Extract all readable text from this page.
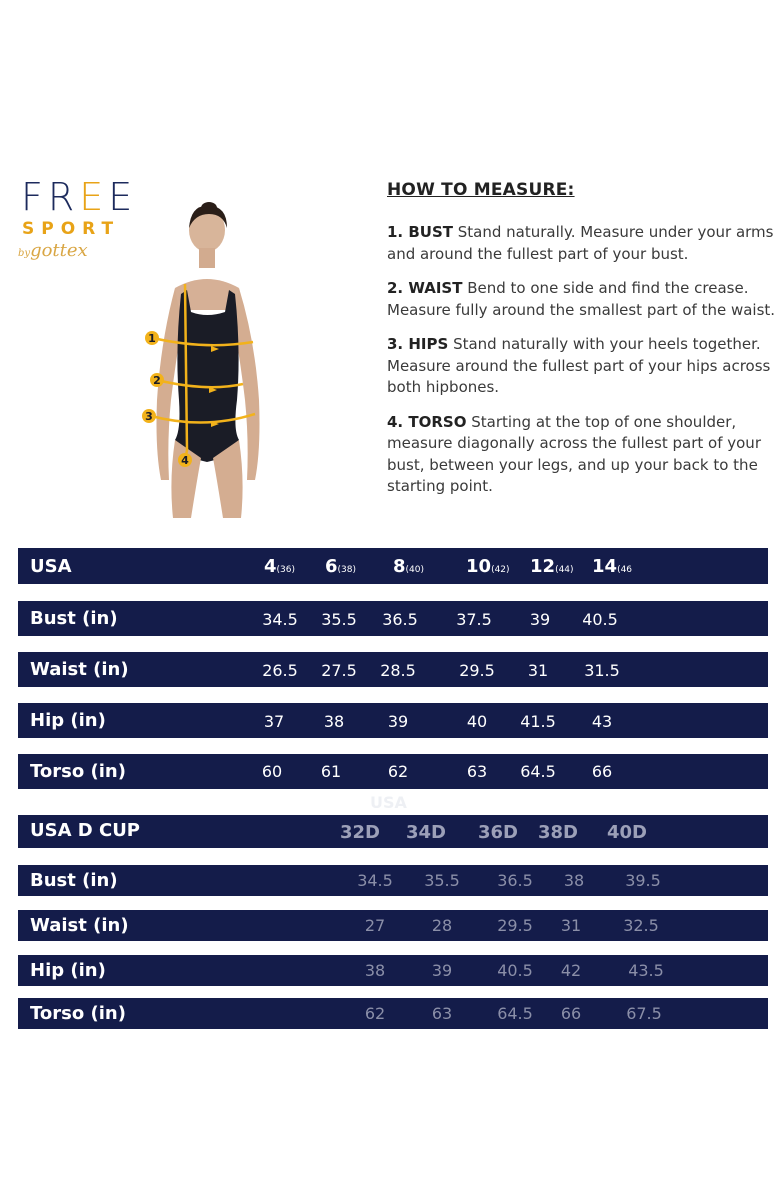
FREE
SPORT
bygottex
1
2
3
4
HOW TO MEASURE:
1. BUST Stand naturally. Measure under your arms and around the fullest part of your bust.
2. WAIST Bend to one side and find the crease. Measure fully around the smallest part of the waist.
3. HIPS Stand naturally with your heels together. Measure around the fullest part of your hips across both hipbones.
4. TORSO Starting at the top of one shoulder, measure diagonally across the fullest part of your bust, between your legs, and up your back to the starting point.
USA	4(36) 6(38) 8(40) 10(42) 12(44) 14(46
Bust (in)	34.5	35.5	36.5	37.5	39	40.5
Waist (in)	26.5	27.5	28.5	29.5	31	31.5
Hip (in)	37	38	39	40	41.5	43
Torso (in)	60	61	62	63	64.5	66
USA
USA D CUP	32D 34D 36D 38D 40D
Bust (in)	34.5	35.5	36.5	38	39.5
Waist (in)	27	28	29.5	31	32.5
Hip (in)	38	39	40.5	42	43.5
Torso (in)	62	63	64.5	66	67.5
